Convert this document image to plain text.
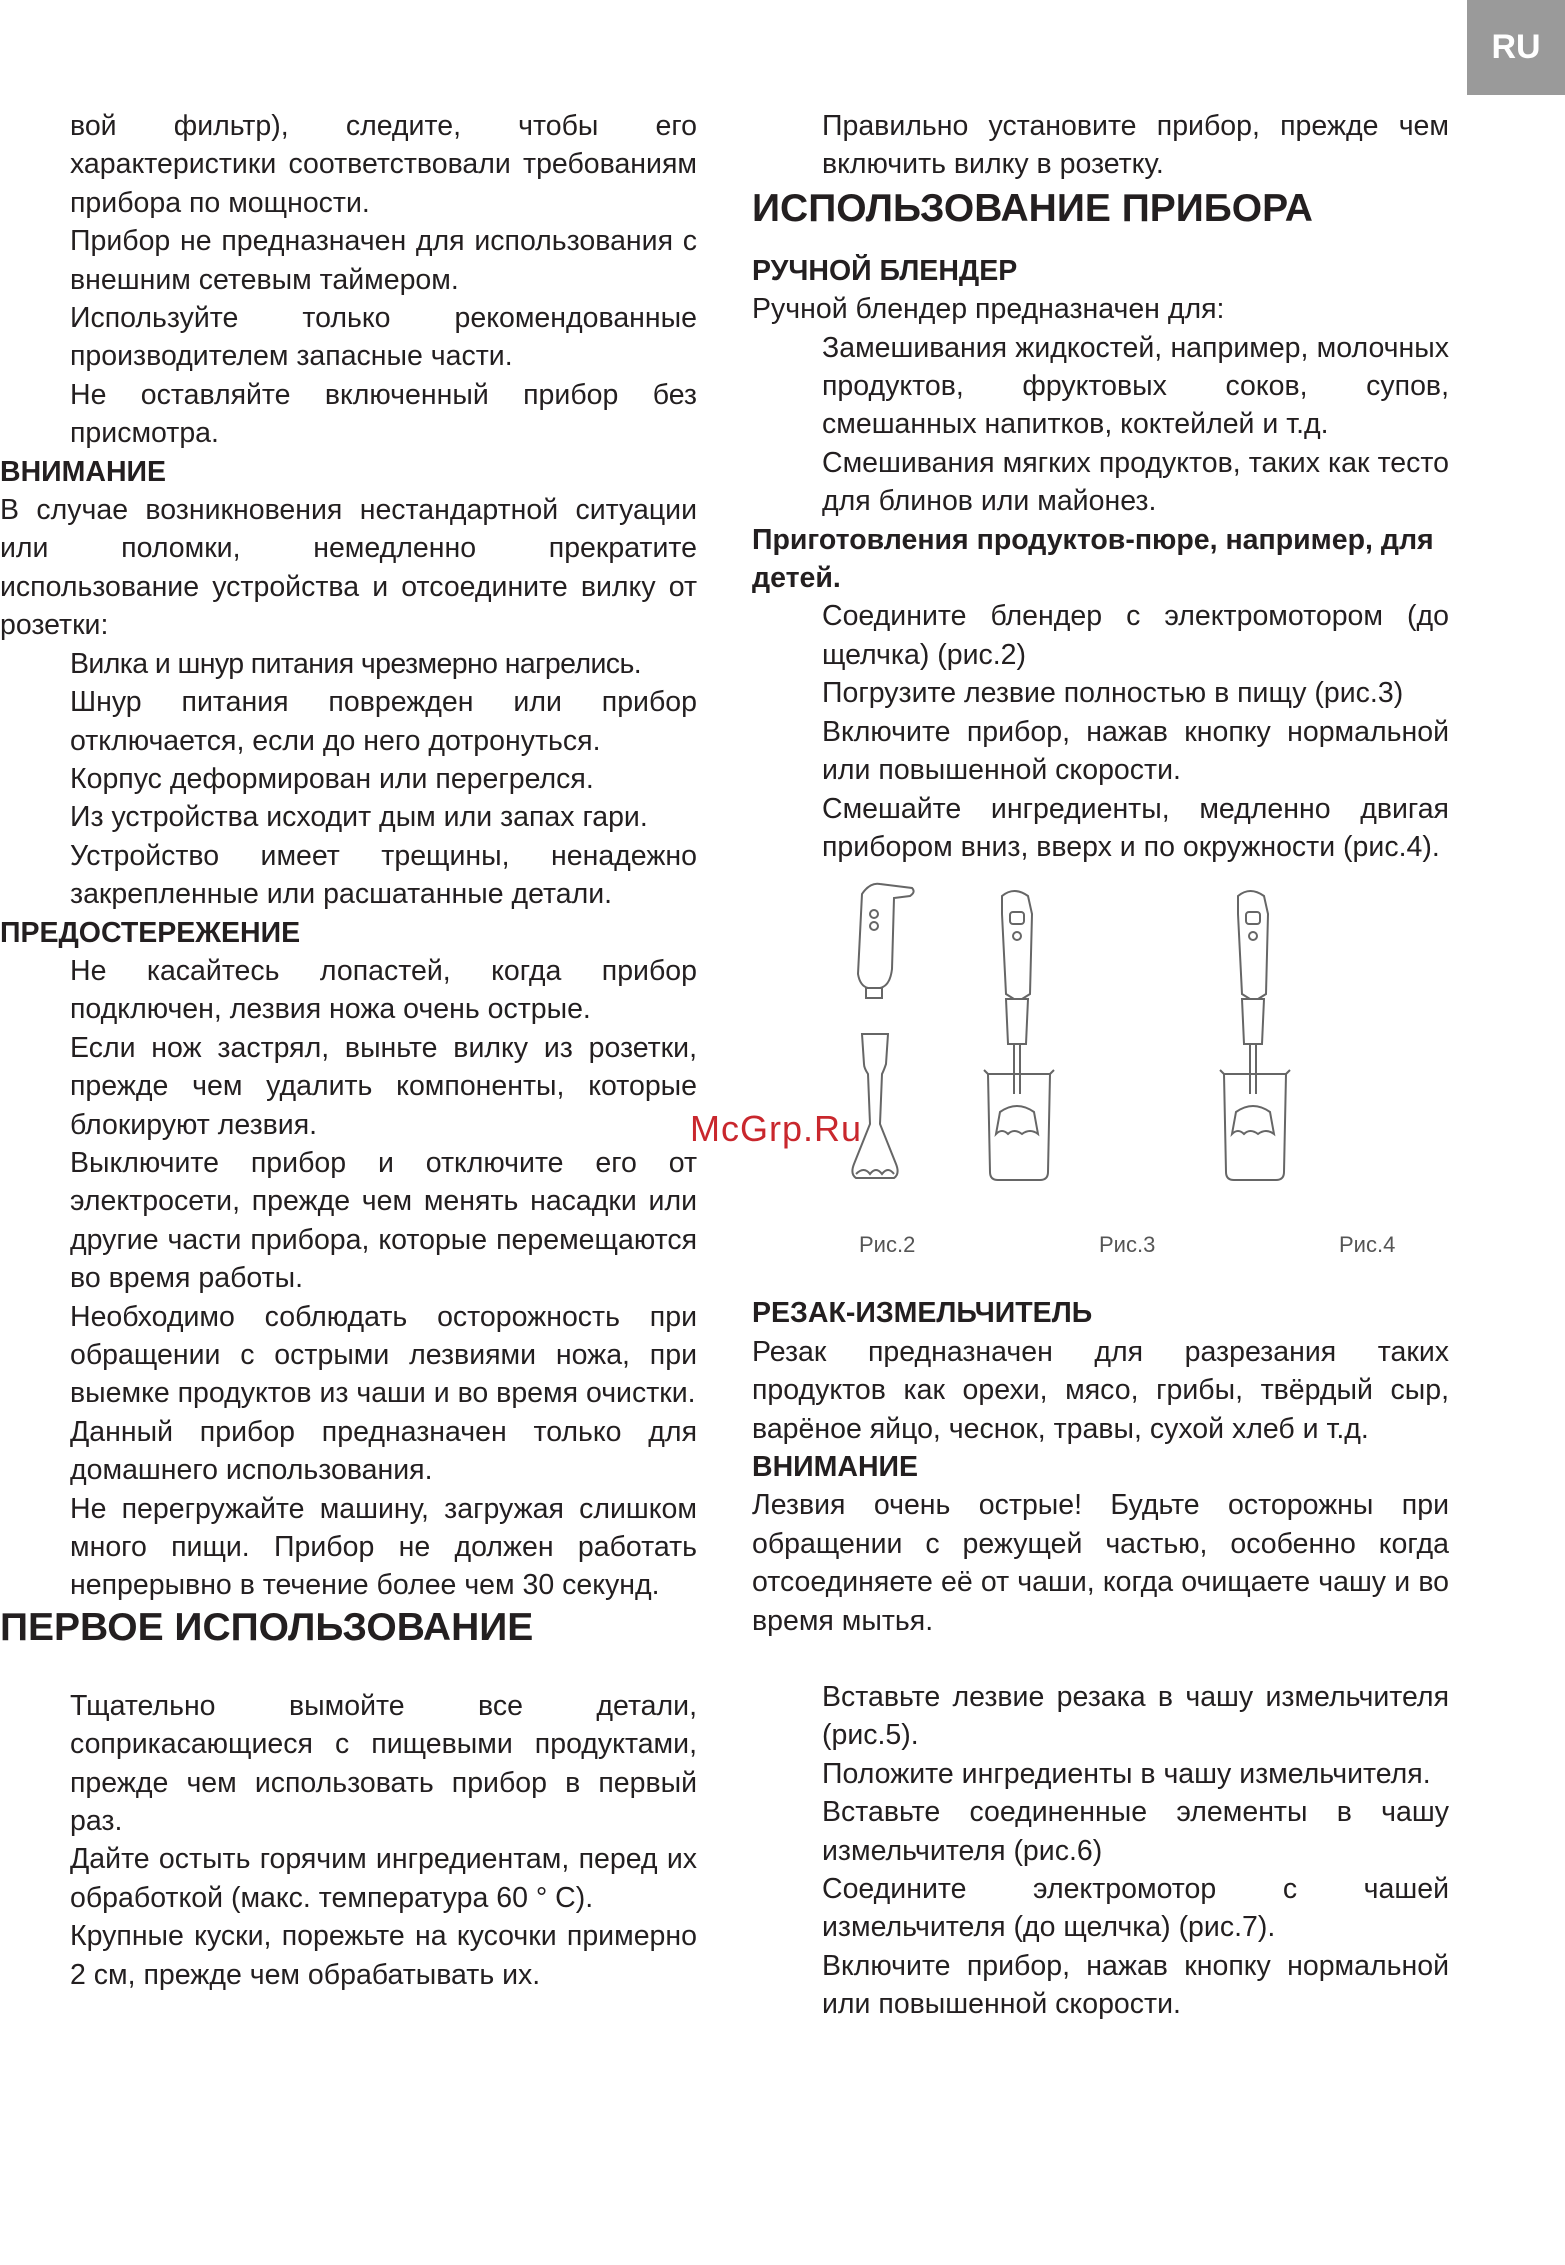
RU

вой фильтр), следите, чтобы его характеристики соответствовали требованиям прибора по мощности.

Прибор не предназначен для использования с внешним сетевым таймером.

Используйте только рекомендованные производителем запасные части.

Не оставляйте включенный прибор без присмотра.

ВНИМАНИЕ

В случае возникновения нестандартной ситуации или поломки, немедленно прекратите использование устройства и отсоедините вилку от розетки:

Вилка и шнур питания чрезмерно нагрелись.

Шнур питания поврежден или прибор отключается, если до него дотронуться.

Корпус деформирован или перегрелся.

Из устройства исходит дым или запах гари.

Устройство имеет трещины, ненадежно закрепленные или расшатанные детали.

ПРЕДОСТЕРЕЖЕНИЕ

Не касайтесь лопастей, когда прибор подключен, лезвия ножа очень острые.

Если нож застрял, выньте вилку из розетки, прежде чем удалить компоненты, которые блокируют лезвия.

Выключите прибор и отключите его от электросети, прежде чем менять насадки или другие части прибора, которые перемещаются во время работы.

Необходимо соблюдать осторожность при обращении с острыми лезвиями ножа, при выемке продуктов из чаши и во время очистки.

Данный прибор предназначен только для домашнего использования.

Не перегружайте машину, загружая слишком много пищи. Прибор не должен работать непрерывно в течение более чем 30 секунд.

ПЕРВОЕ ИСПОЛЬЗОВАНИЕ

Тщательно вымойте все детали, соприкасающиеся с пищевыми продуктами, прежде чем использовать прибор в первый раз.

Дайте остыть горячим ингредиентам, перед их обработкой (макс. температура 60 ° С).

Крупные куски, порежьте на кусочки примерно 2 см, прежде чем обрабатывать их.

Правильно установите прибор, прежде чем включить вилку в розетку.

ИСПОЛЬЗОВАНИЕ ПРИБОРА

РУЧНОЙ БЛЕНДЕР

Ручной блендер предназначен для:

Замешивания жидкостей, например, молочных продуктов, фруктовых соков, супов, смешанных напитков, коктейлей и т.д.

Смешивания мягких продуктов, таких как тесто для блинов или майонез.

Приготовления продуктов-пюре, например, для детей.

Соедините блендер с электромотором (до щелчка) (рис.2)

Погрузите лезвие полностью в пищу (рис.3)

Включите прибор, нажав кнопку нормальной или повышенной скорости.

Смешайте ингредиенты, медленно двигая прибором вниз, вверх и по окружности (рис.4).

Рис.2	Рис.3	Рис.4

РЕЗАК-ИЗМЕЛЬЧИТЕЛЬ

Резак предназначен для разрезания таких продуктов как орехи, мясо, грибы, твёрдый сыр, варёное яйцо, чеснок, травы, сухой хлеб и т.д.

ВНИМАНИЕ

Лезвия очень острые! Будьте осторожны при обращении с режущей частью, особенно когда отсоединяете её от чаши, когда очищаете чашу и во время мытья.

Вставьте лезвие резака в чашу измельчителя (рис.5).

Положите ингредиенты в чашу измельчителя.

Вставьте соединенные элементы в чашу измельчителя (рис.6)

Соедините электромотор с чашей измельчителя (до щелчка) (рис.7).

Включите прибор, нажав кнопку нормальной или повышенной скорости.

McGrp.Ru
